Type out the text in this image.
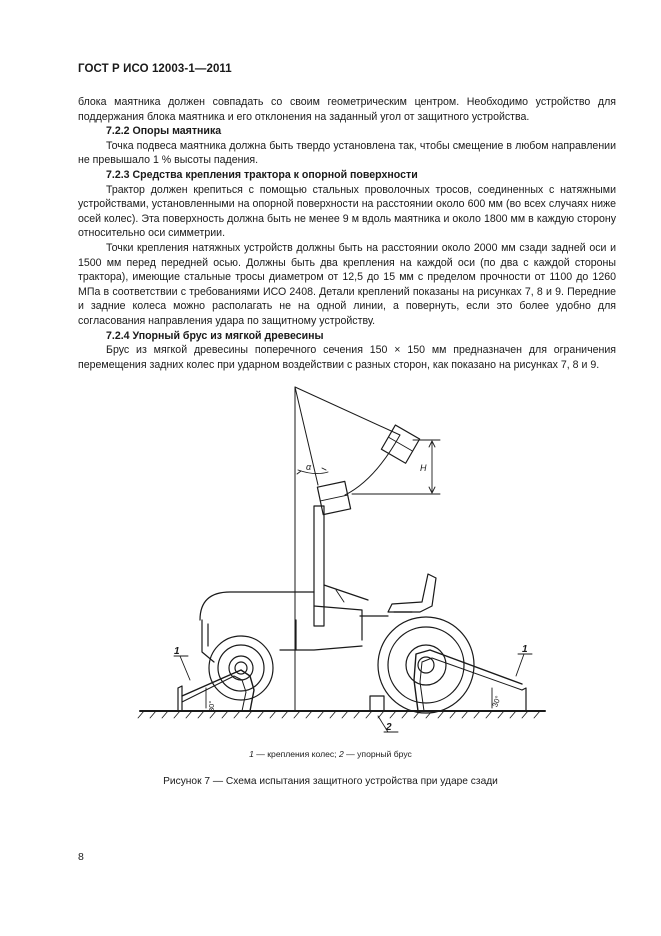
ГОСТ Р ИСО 12003-1—2011

блока маятника должен совпадать со своим геометрическим центром. Необходимо устройство для поддержания блока маятника и его отклонения на заданный угол от защитного устройства.

7.2.2 Опоры маятника

Точка подвеса маятника должна быть твердо установлена так, чтобы смещение в любом направлении не превышало 1 % высоты падения.

7.2.3 Средства крепления трактора к опорной поверхности

Трактор должен крепиться с помощью стальных проволочных тросов, соединенных с натяжными устройствами, установленными на опорной поверхности на расстоянии около 600 мм (во всех случаях ниже осей колес). Эта поверхность должна быть не менее 9 м вдоль маятника и около 1800 мм в каждую сторону относительно оси симметрии.

Точки крепления натяжных устройств должны быть на расстоянии около 2000 мм сзади задней оси и 1500 мм перед передней осью. Должны быть два крепления на каждой оси (по два с каждой стороны трактора), имеющие стальные тросы диаметром от 12,5 до 15 мм с пределом прочности от 1100 до 1260 МПа в соответствии с требованиями ИСО 2408. Детали креплений показаны на рисунках 7, 8 и 9. Передние и задние колеса можно располагать не на одной линии, а повернуть, если это более удобно для согласования направления удара по защитному устройству.

7.2.4 Упорный брус из мягкой древесины

Брус из мягкой древесины поперечного сечения 150 × 150 мм предназначен для ограничения перемещения задних колес при ударном воздействии с разных сторон, как показано на рисунках 7, 8 и 9.

α	H
1	1
2
30°	30°
1 — крепления колес; 2 — упорный брус
Рисунок 7 — Схема испытания защитного устройства при ударе сзади
8
